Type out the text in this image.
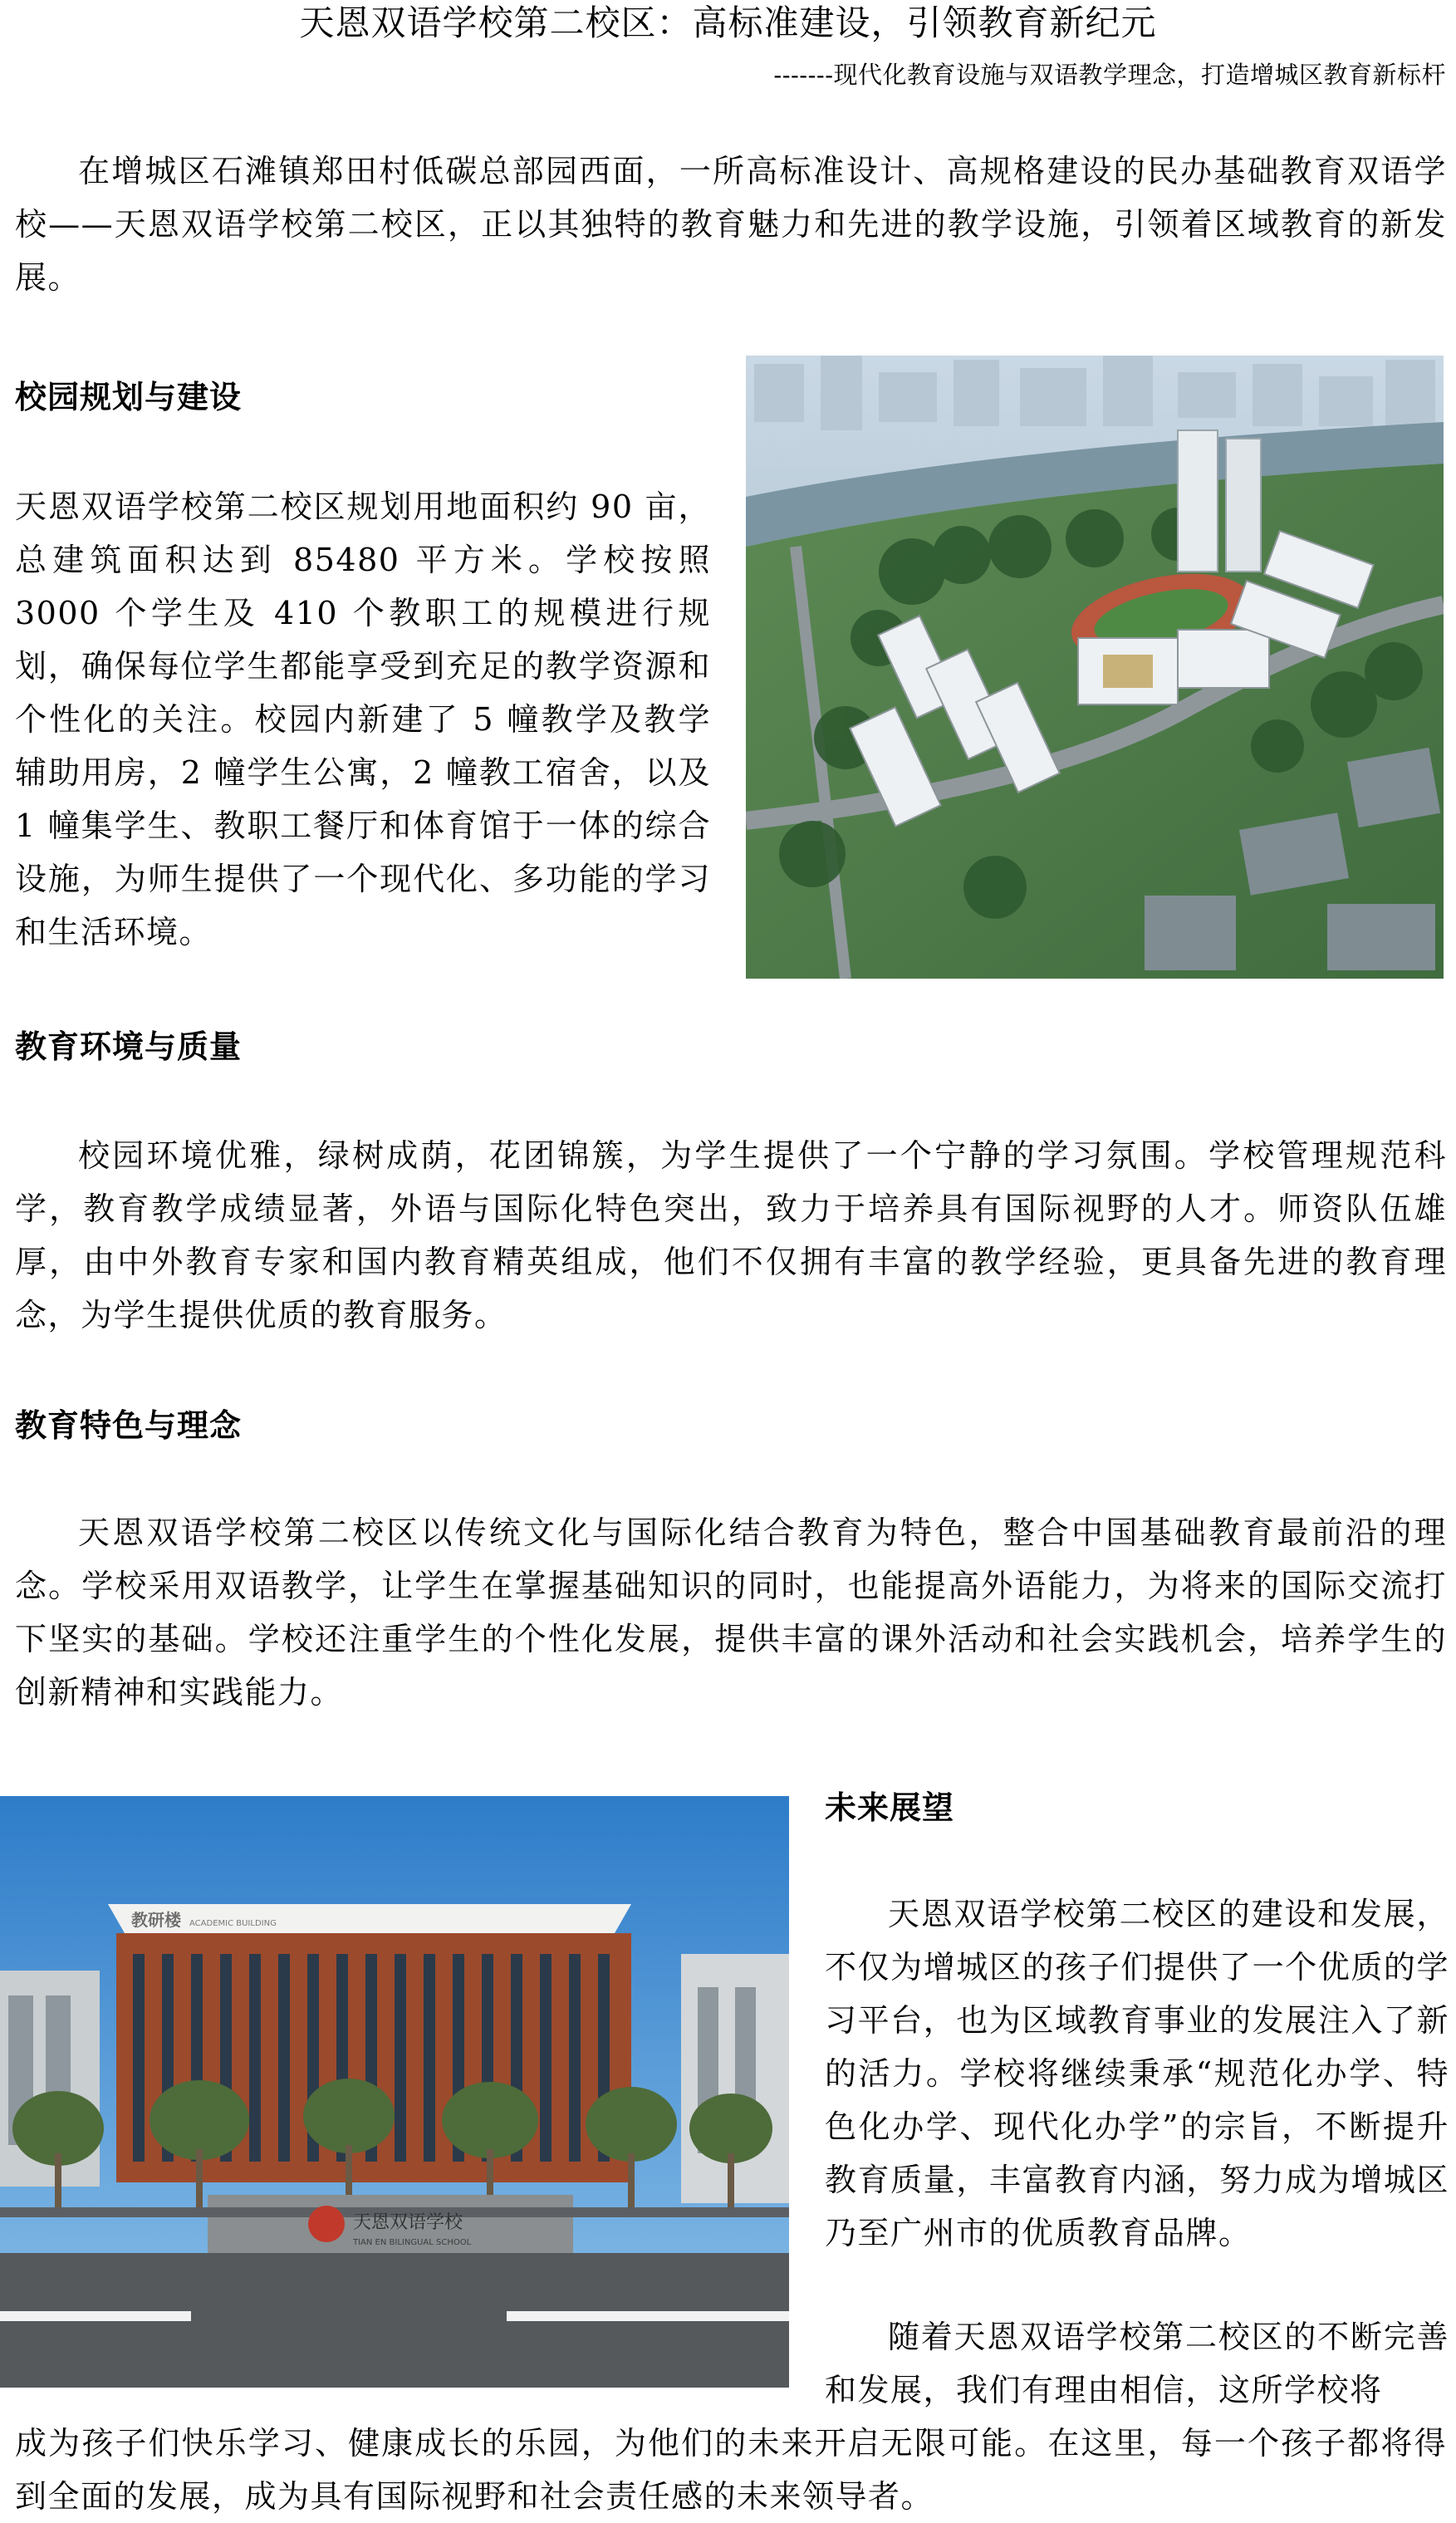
天恩双语学校第二校区：高标准建设，引领教育新纪元
-------现代化教育设施与双语教学理念，打造增城区教育新标杆

在增城区石滩镇郑田村低碳总部园西面，一所高标准设计、高规格建设的民办基础教育双语学校——天恩双语学校第二校区，正以其独特的教育魅力和先进的教学设施，引领着区域教育的新发展。

校园规划与建设

天恩双语学校第二校区规划用地面积约 90 亩，总建筑面积达到 85480 平方米。学校按照 3000 个学生及 410 个教职工的规模进行规划，确保每位学生都能享受到充足的教学资源和个性化的关注。校园内新建了 5 幢教学及教学辅助用房，2 幢学生公寓，2 幢教工宿舍，以及 1 幢集学生、教职工餐厅和体育馆于一体的综合设施，为师生提供了一个现代化、多功能的学习和生活环境。

教育环境与质量

校园环境优雅，绿树成荫，花团锦簇，为学生提供了一个宁静的学习氛围。学校管理规范科学，教育教学成绩显著，外语与国际化特色突出，致力于培养具有国际视野的人才。师资队伍雄厚，由中外教育专家和国内教育精英组成，他们不仅拥有丰富的教学经验，更具备先进的教育理念，为学生提供优质的教育服务。

教育特色与理念

天恩双语学校第二校区以传统文化与国际化结合教育为特色，整合中国基础教育最前沿的理念。学校采用双语教学，让学生在掌握基础知识的同时，也能提高外语能力，为将来的国际交流打下坚实的基础。学校还注重学生的个性化发展，提供丰富的课外活动和社会实践机会，培养学生的创新精神和实践能力。

教研楼 ACADEMIC BUILDING
天恩双语学校
TIAN EN BILINGUAL SCHOOL
未来展望

天恩双语学校第二校区的建设和发展，不仅为增城区的孩子们提供了一个优质的学习平台，也为区域教育事业的发展注入了新的活力。学校将继续秉承“规范化办学、特色化办学、现代化办学”的宗旨，不断提升教育质量，丰富教育内涵，努力成为增城区乃至广州市的优质教育品牌。

随着天恩双语学校第二校区的不断完善和发展，我们有理由相信，这所学校将

成为孩子们快乐学习、健康成长的乐园，为他们的未来开启无限可能。在这里，每一个孩子都将得到全面的发展，成为具有国际视野和社会责任感的未来领导者。
